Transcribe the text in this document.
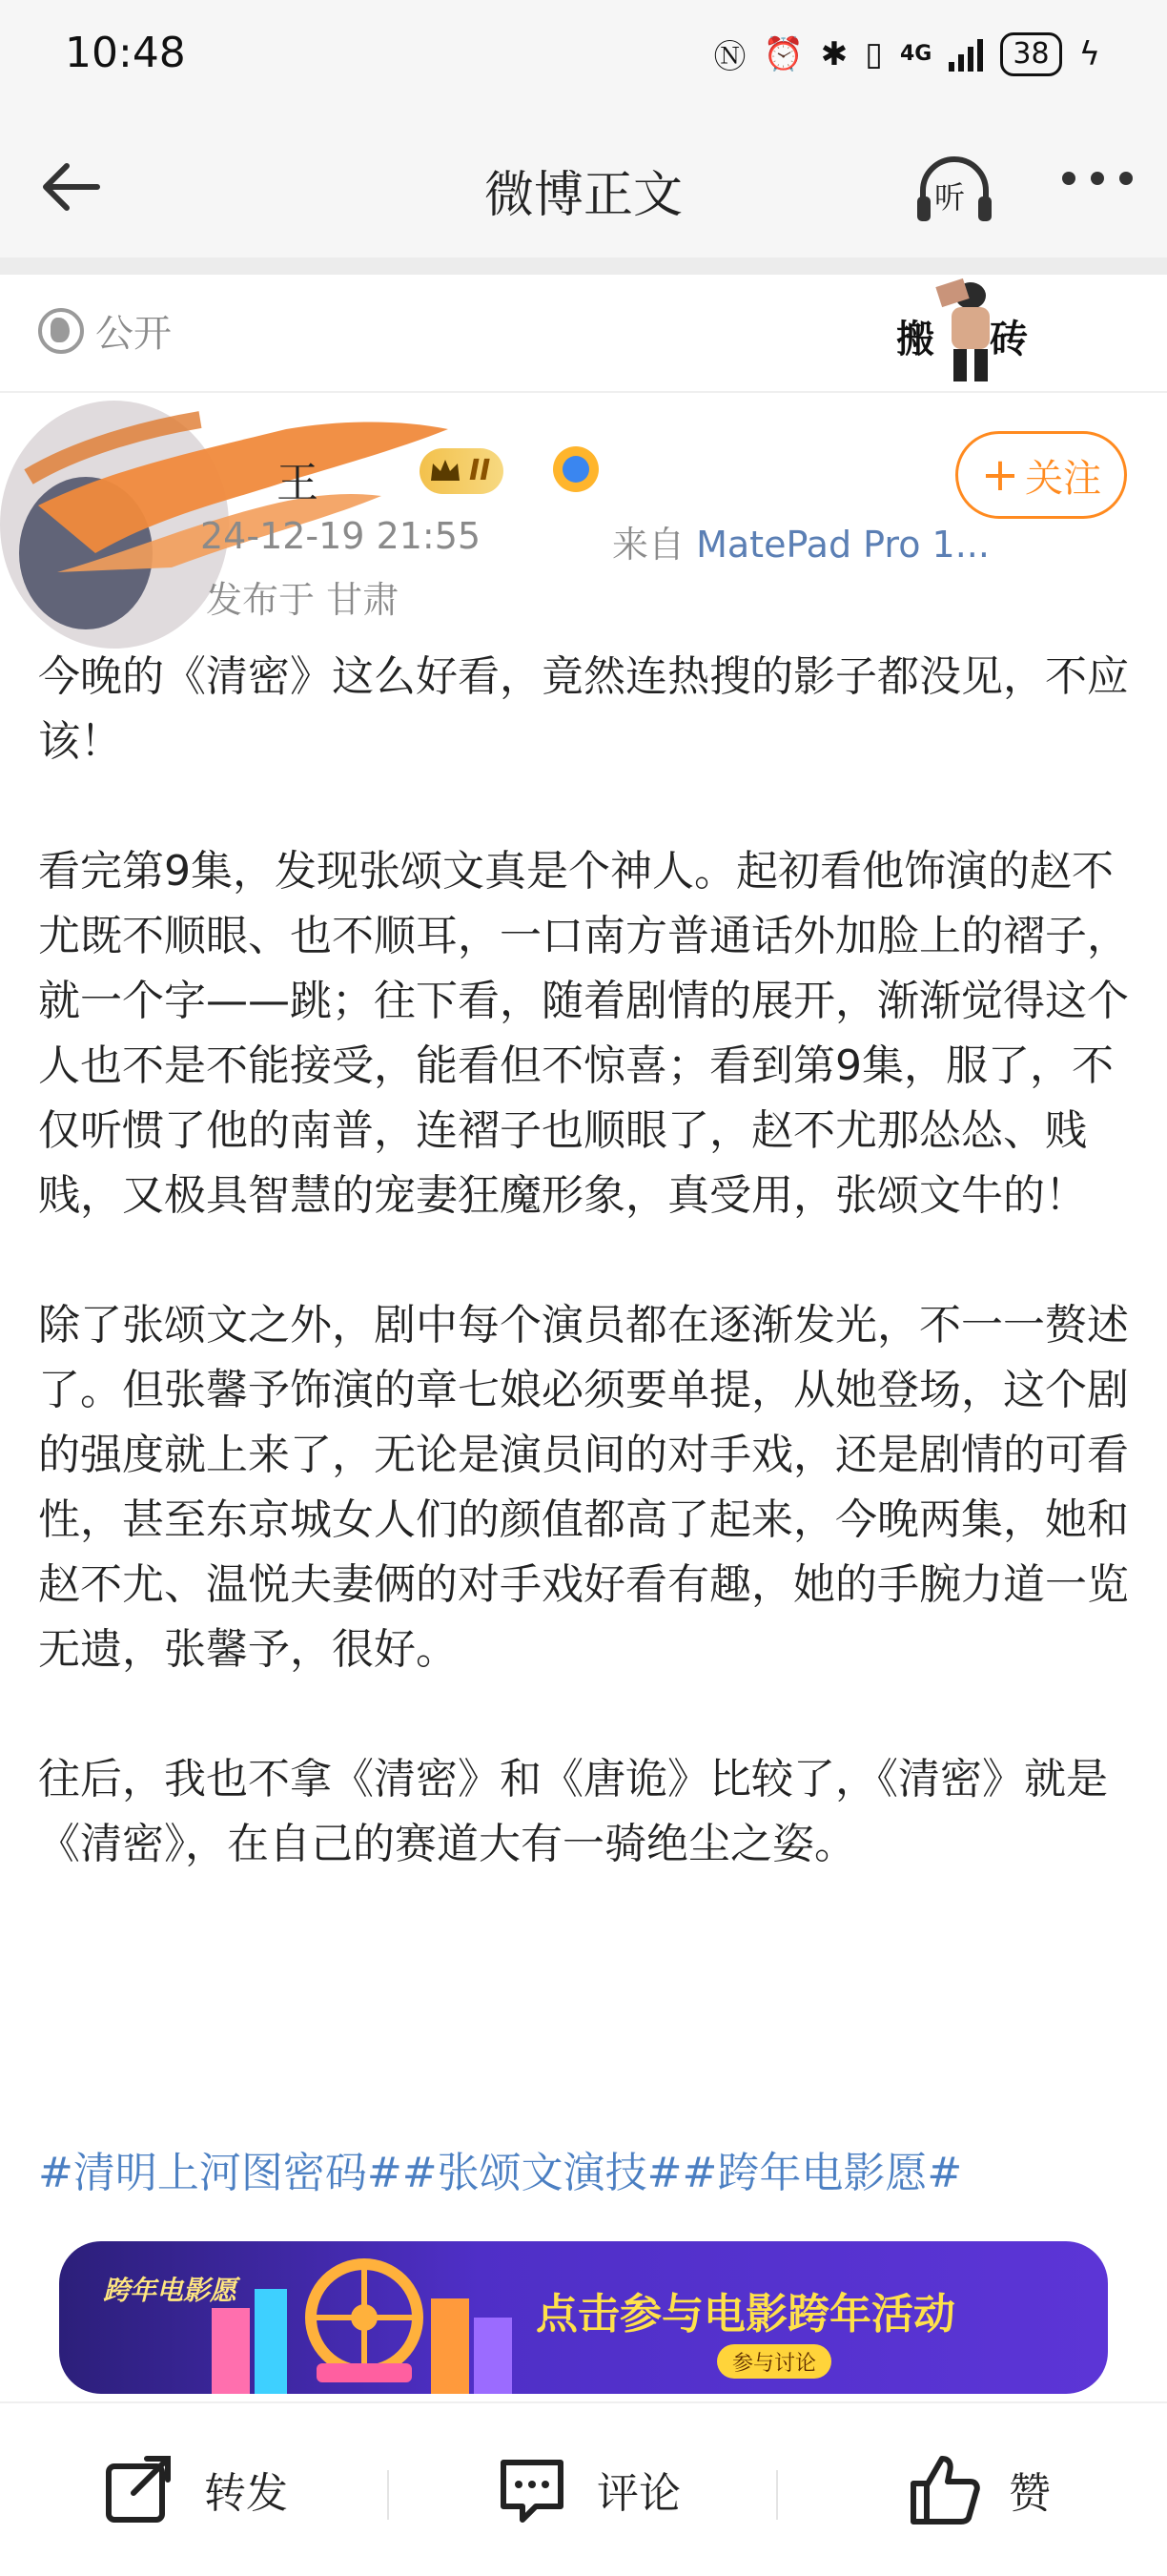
10:48	Ⓝ ⏰ ✱ ▯ 4G	38 ϟ
微博正文	听
公开	搬 砖
王	II
24-12-19 21:55	来自 MatePad Pro 1...
发布于 甘肃
+ 关注

今晚的《清密》这么好看，竟然连热搜的影子都没见，不应该！

看完第9集，发现张颂文真是个神人。起初看他饰演的赵不尤既不顺眼、也不顺耳，一口南方普通话外加脸上的褶子，就一个字——跳；往下看，随着剧情的展开，渐渐觉得这个人也不是不能接受，能看但不惊喜；看到第9集，服了，不仅听惯了他的南普，连褶子也顺眼了，赵不尤那怂怂、贱贱，又极具智慧的宠妻狂魔形象，真受用，张颂文牛的！

除了张颂文之外，剧中每个演员都在逐渐发光，不一一赘述了。但张馨予饰演的章七娘必须要单提，从她登场，这个剧的强度就上来了，无论是演员间的对手戏，还是剧情的可看性，甚至东京城女人们的颜值都高了起来，今晚两集，她和赵不尤、温悦夫妻俩的对手戏好看有趣，她的手腕力道一览无遗，张馨予，很好。

往后，我也不拿《清密》和《唐诡》比较了，《清密》就是《清密》，在自己的赛道大有一骑绝尘之姿。

#清明上河图密码##张颂文演技##跨年电影愿#
跨年电影愿	点击参与电影跨年活动
参与讨论
转发	评论	赞
